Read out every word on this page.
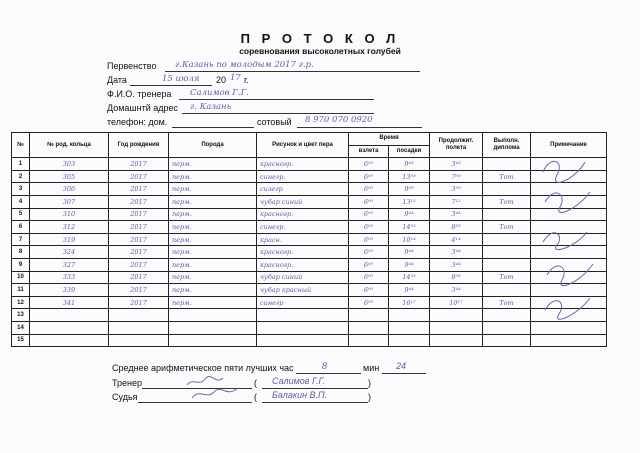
П Р О Т О К О Л
соревнования высоколетных голубей
Первенство г.Казань по молодым 2017 г.р.
Дата	15 июля 20 17 г.
Ф.И.О. тренера Салимов Г.Г.
Домашнтй адрес г. Казань
телефон: дом.	сотовый 8 970 070 0920
№	№ род. кольца	Год рождения	Порода	Рисунок и цвет пера	Время		Продолжит. полета	Выполн. диплома	Примечание
					взлета	посадки			
1	303	2017	перм.	красногр.	6⁰⁰	9⁴³	3⁴³		
2	305	2017	перм.	синегр.	6⁰⁰	13⁰⁸	7⁰⁸	Тот	
3	306	2017	перм.	сизегр	6⁰⁰	9⁵⁹	3⁵⁹		
4	307	2017	перм.	чубар синий	6⁰⁰	13¹²	7¹²	Тот	
5	310	2017	перм.	красногр.	6⁰⁰	9⁴⁴	3⁴⁴		
6	312	2017	перм.	синегр.	6⁰⁰	14³³	8³³	Тот	
7	319	2017	перм.	красн.	6⁰⁰	10¹⁴	4¹⁴		
8	324	2017	перм.	красногр.	6⁰⁰	9⁴⁴	3⁴⁴		
9	327	2017	перм.	красногр.	6⁰⁰	9⁴⁴	3⁴⁴		
10	333	2017	перм.	чубар синий	6⁰⁰	14⁵³	8⁵³	Тот	
11	339	2017	перм.	чубар красный	6⁰⁰	9⁴⁴	3⁴⁴		
12	341	2017	перм.	синегр	6⁰⁰	16¹⁷	10¹⁷	Тот	
13									
14									
15									
Среднее арифметическое пяти лучших час	8	мин 24
Тренер	( Салимов Г.Г.	)
Судья	( Балакин В.П.	)
